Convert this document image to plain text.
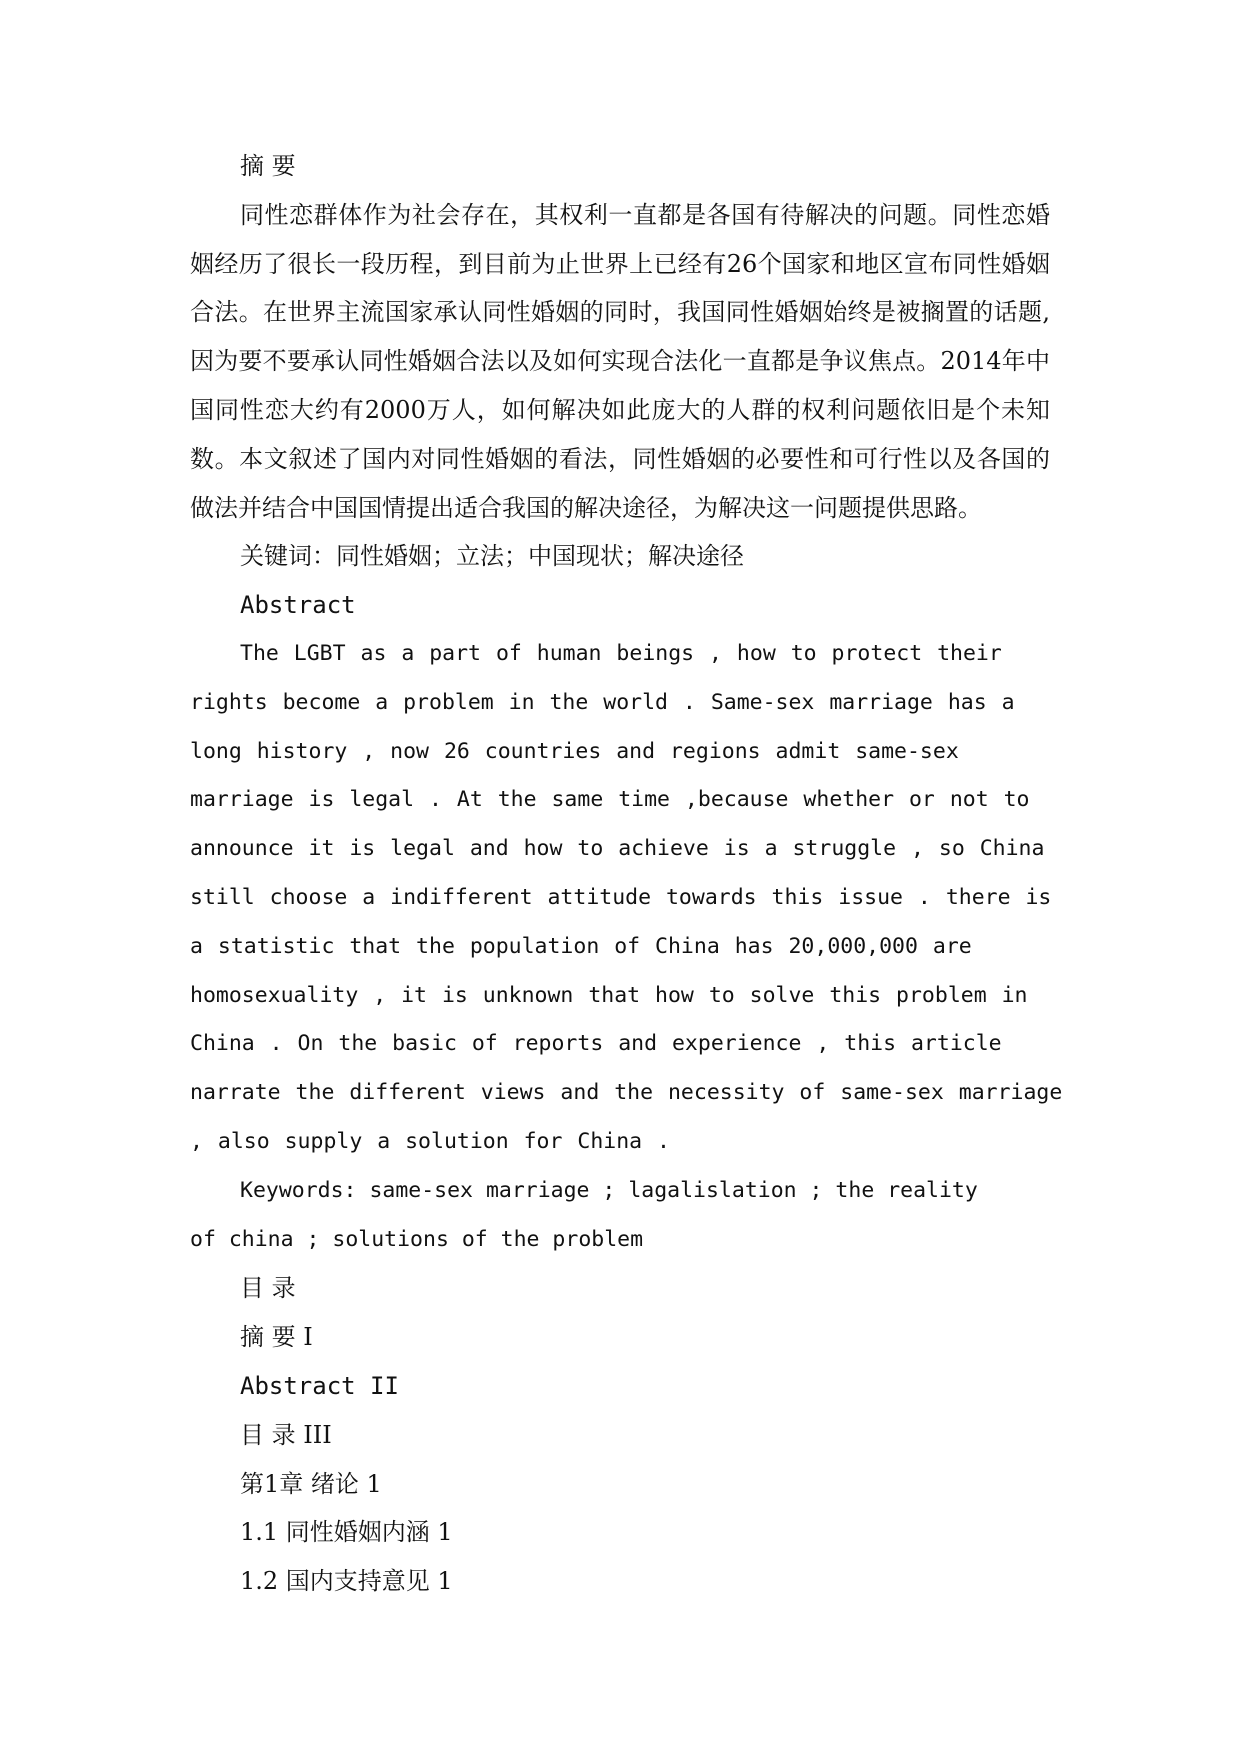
摘 要

同性恋群体作为社会存在，其权利一直都是各国有待解决的问题。同性恋婚姻经历了很长一段历程，到目前为止世界上已经有26个国家和地区宣布同性婚姻合法。在世界主流国家承认同性婚姻的同时，我国同性婚姻始终是被搁置的话题,因为要不要承认同性婚姻合法以及如何实现合法化一直都是争议焦点。2014年中国同性恋大约有2000万人，如何解决如此庞大的人群的权利问题依旧是个未知数。本文叙述了国内对同性婚姻的看法，同性婚姻的必要性和可行性以及各国的做法并结合中国国情提出适合我国的解决途径，为解决这一问题提供思路。

关键词：同性婚姻；立法；中国现状；解决途径

Abstract

The LGBT as a part of human beings , how to protect their rights become a problem in the world . Same-sex marriage has a long history , now 26 countries and regions admit same-sex marriage is legal . At the same time ,because whether or not to announce it is legal and how to achieve is a struggle , so China still choose a indifferent attitude towards this issue . there is a statistic that the population of China has 20,000,000 are homosexuality , it is unknown that how to solve this problem in China . On the basic of reports and experience , this article narrate the different views and the necessity of same-sex marriage , also supply a solution for China .

Keywords: same-sex marriage ; lagalislation ; the reality of china ; solutions of the problem

目 录

摘 要 I

Abstract II

目 录 III

第1章 绪论 1

1.1 同性婚姻内涵 1

1.2 国内支持意见 1
